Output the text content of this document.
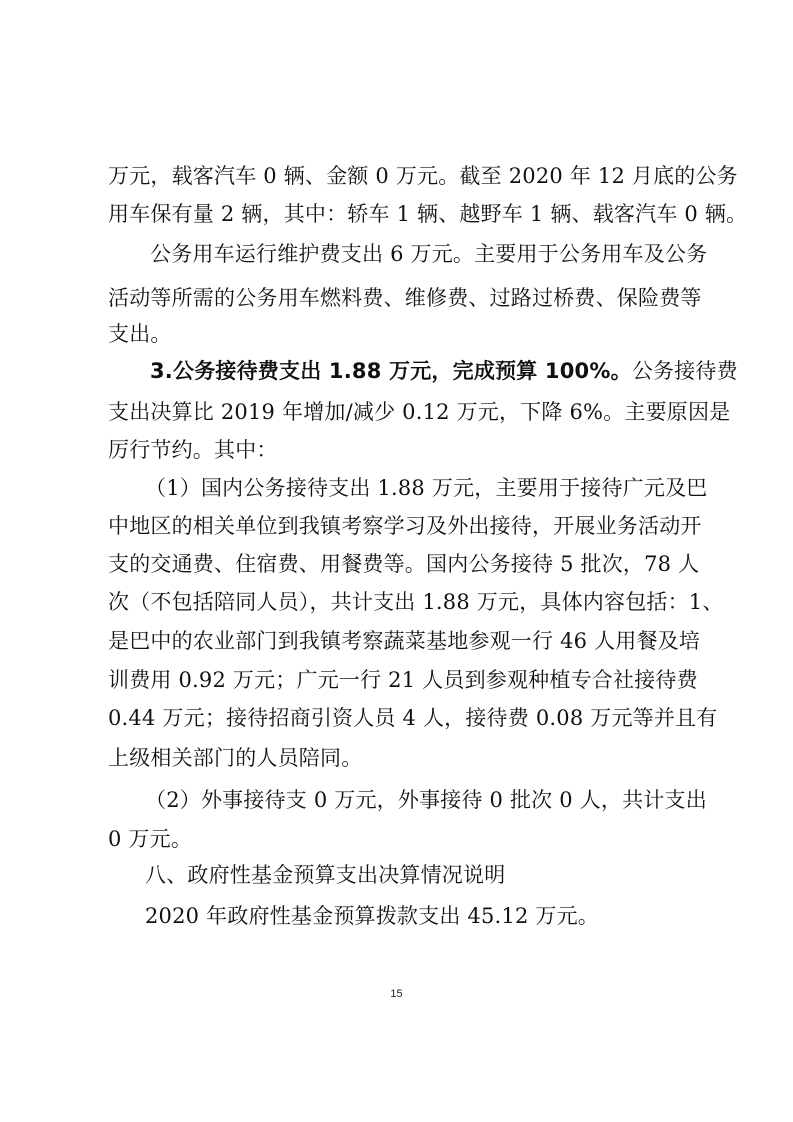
万元，载客汽车 0 辆、金额 0 万元。截至 2020 年 12 月底的公务
用车保有量 2 辆，其中：轿车 1 辆、越野车 1 辆、载客汽车 0 辆。
公务用车运行维护费支出 6 万元。主要用于公务用车及公务
活动等所需的公务用车燃料费、维修费、过路过桥费、保险费等
支出。
3.公务接待费支出 1.88 万元，完成预算 100%。公务接待费
支出决算比 2019 年增加/减少 0.12 万元，下降 6%。主要原因是
厉行节约。其中：
（1）国内公务接待支出 1.88 万元，主要用于接待广元及巴
中地区的相关单位到我镇考察学习及外出接待，开展业务活动开
支的交通费、住宿费、用餐费等。国内公务接待 5 批次，78 人
次（不包括陪同人员），共计支出 1.88 万元，具体内容包括：1、
是巴中的农业部门到我镇考察蔬菜基地参观一行 46 人用餐及培
训费用 0.92 万元；广元一行 21 人员到参观种植专合社接待费
0.44 万元；接待招商引资人员 4 人，接待费 0.08 万元等并且有
上级相关部门的人员陪同。
（2）外事接待支 0 万元，外事接待 0 批次 0 人，共计支出
0 万元。
八、政府性基金预算支出决算情况说明
2020 年政府性基金预算拨款支出 45.12 万元。
15
